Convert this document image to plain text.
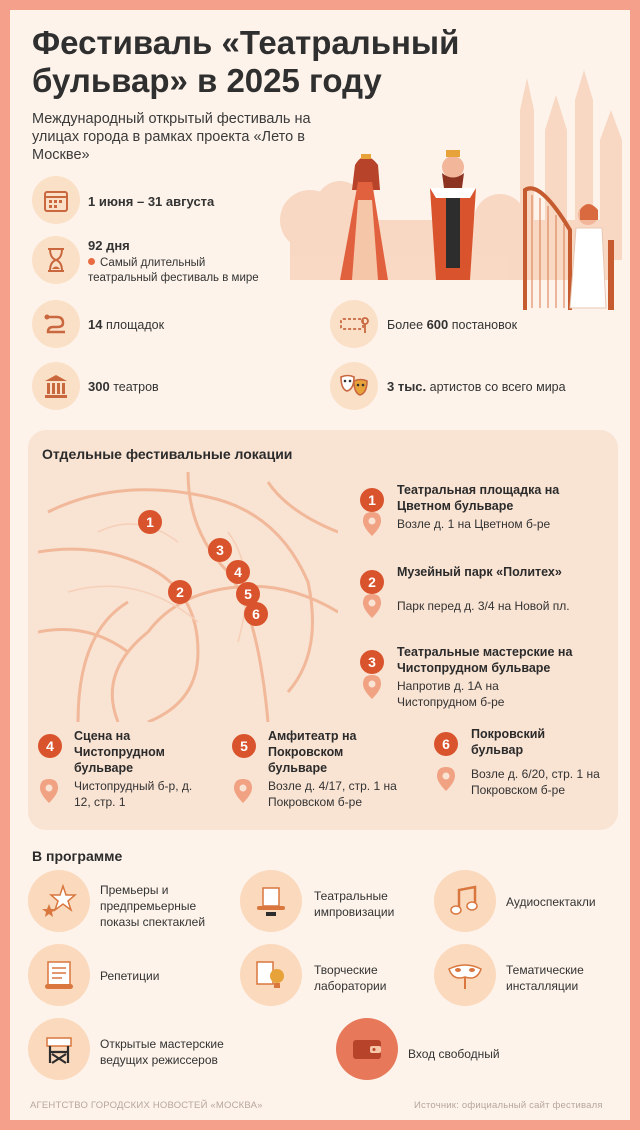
Фестиваль «Театральный бульвар» в 2025 году
Международный открытый фестиваль на улицах города в рамках проекта «Лето в Москве»
1 июня – 31 августа
92 дня
Самый длительный театральный фестиваль в мире
14 площадок
300 театров
Более 600 постановок
3 тыс. артистов со всего мира
Отдельные фестивальные локации
1
3
4
2	5
6
1
Театральная площадка на Цветном бульваре
Возле д. 1 на Цветном б-ре
2
Музейный парк «Политех»
Парк перед д. 3/4 на Новой пл.
3
Театральные мастерские на Чистопрудном бульваре
Напротив д. 1А на Чистопрудном б-ре
4
Сцена на Чистопрудном бульваре
Чистопрудный б-р, д. 12, стр. 1
5
Амфитеатр на Покровском бульваре
Возле д. 4/17, стр. 1 на Покровском б-ре
6
Покровский бульвар
Возле д. 6/20, стр. 1 на Покровском б-ре
В программе
Премьеры и предпремьерные показы спектаклей
Театральные импровизации
Аудиоспектакли
Репетиции	Творческие лаборатории
Тематические инсталляции
Открытые мастерские ведущих режиссеров	Вход свободный
АГЕНТСТВО ГОРОДСКИХ НОВОСТЕЙ «МОСКВА»	Источник: официальный сайт фестиваля
